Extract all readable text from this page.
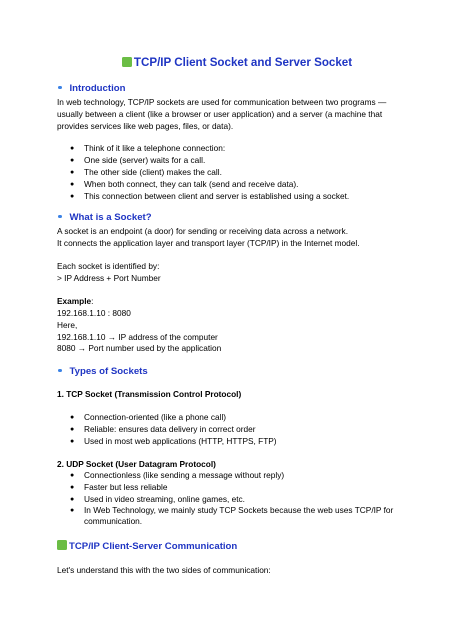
TCP/IP Client Socket and Server Socket
Introduction
In web technology, TCP/IP sockets are used for communication between two programs —
usually between a client (like a browser or user application) and a server (a machine that
provides services like web pages, files, or data).
● Think of it like a telephone connection:
● One side (server) waits for a call.
● The other side (client) makes the call.
● When both connect, they can talk (send and receive data).
● This connection between client and server is established using a socket.
What is a Socket?
A socket is an endpoint (a door) for sending or receiving data across a network.
It connects the application layer and transport layer (TCP/IP) in the Internet model.
Each socket is identified by:
> IP Address + Port Number
Example:
192.168.1.10 : 8080
Here,
192.168.1.10 → IP address of the computer
8080 → Port number used by the application
Types of Sockets
1. TCP Socket (Transmission Control Protocol)
● Connection-oriented (like a phone call)
● Reliable: ensures data delivery in correct order
● Used in most web applications (HTTP, HTTPS, FTP)
2. UDP Socket (User Datagram Protocol)
● Connectionless (like sending a message without reply)
● Faster but less reliable
● Used in video streaming, online games, etc.
● In Web Technology, we mainly study TCP Sockets because the web uses TCP/IP for
communication.
TCP/IP Client-Server Communication
Let's understand this with the two sides of communication:
